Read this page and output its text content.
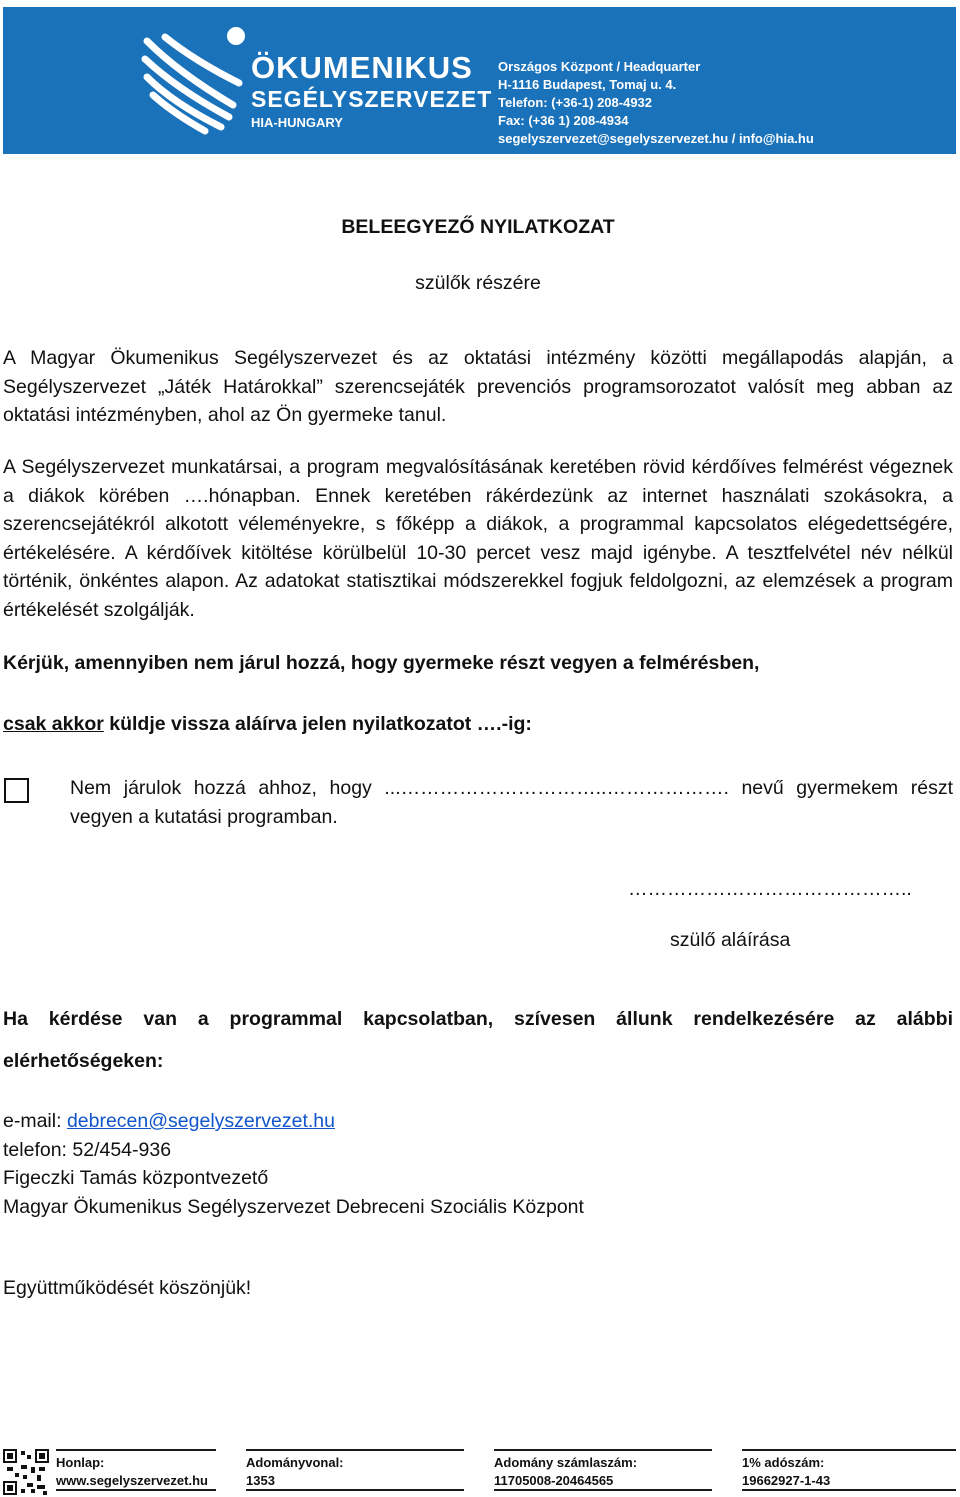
ÖKUMENIKUS
SEGÉLYSZERVEZET
HIA-HUNGARY
Országos Központ / Headquarter
H-1116 Budapest, Tomaj u. 4.
Telefon: (+36-1) 208-4932
Fax: (+36 1) 208-4934
segelyszervezet@segelyszervezet.hu / info@hia.hu
BELEEGYEZŐ NYILATKOZAT
szülők részére
A Magyar Ökumenikus Segélyszervezet és az oktatási intézmény közötti megállapodás alapján, a Segélyszervezet „Játék Határokkal” szerencsejáték prevenciós programsorozatot valósít meg abban az oktatási intézményben, ahol az Ön gyermeke tanul.
A Segélyszervezet munkatársai, a program megvalósításának keretében rövid kérdőíves felmérést végeznek a diákok körében ….hónapban. Ennek keretében rákérdezünk az internet használati szokásokra, a szerencsejátékról alkotott véleményekre, s főképp a diákok, a programmal kapcsolatos elégedettségére, értékelésére. A kérdőívek kitöltése körülbelül 10-30 percet vesz majd igénybe. A tesztfelvétel név nélkül történik, önkéntes alapon. Az adatokat statisztikai módszerekkel fogjuk feldolgozni, az elemzések a program értékelését szolgálják.
Kérjük, amennyiben nem járul hozzá, hogy gyermeke részt vegyen a felmérésben,
csak akkor küldje vissza aláírva jelen nyilatkozatot ….-ig:
Nem járulok hozzá ahhoz, hogy ...…………………………..………………. nevű gyermekem részt vegyen a kutatási programban.
……………………………………..
szülő aláírása
Ha kérdése van a programmal kapcsolatban, szívesen állunk rendelkezésére az alábbi elérhetőségeken:
e-mail: debrecen@segelyszervezet.hu
telefon: 52/454-936
Figeczki Tamás központvezető
Magyar Ökumenikus Segélyszervezet Debreceni Szociális Központ
Együttműködését köszönjük!
Honlap:
www.segelyszervezet.hu
Adományvonal:
1353
Adomány számlaszám:
11705008-20464565
1% adószám:
19662927-1-43
